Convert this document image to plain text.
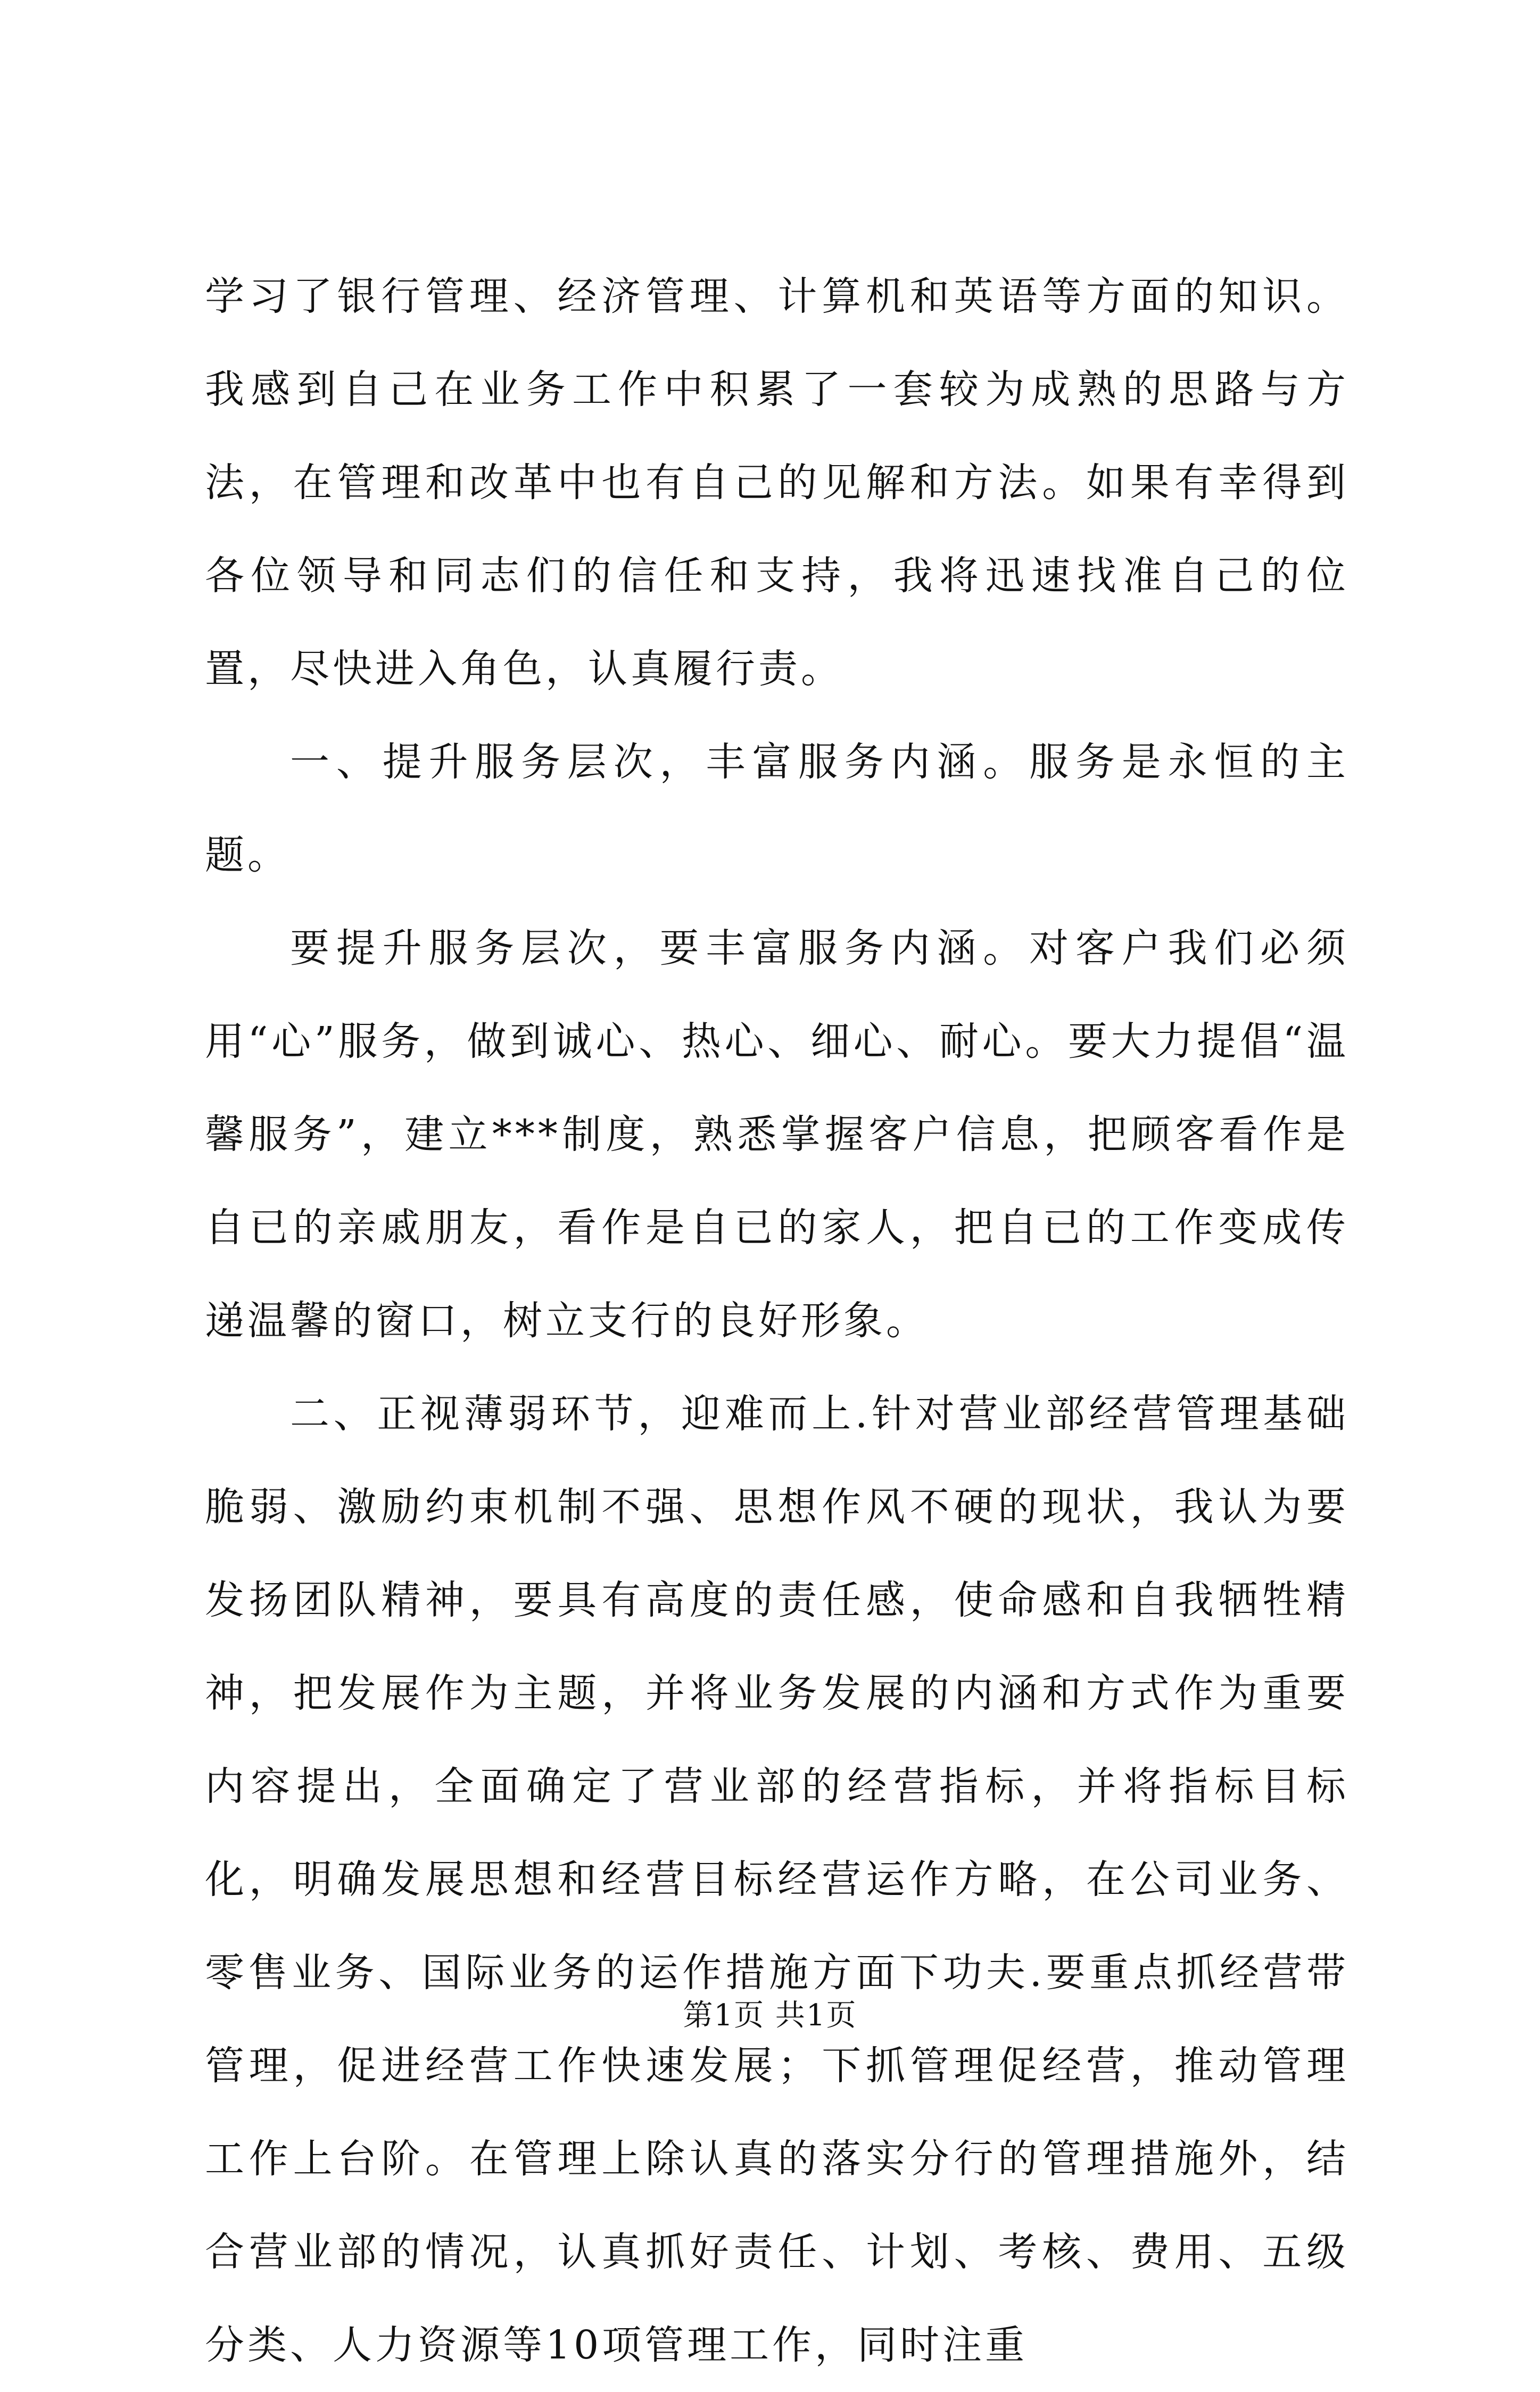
学习了银行管理、经济管理、计算机和英语等方面的知识。我感到自己在业务工作中积累了一套较为成熟的思路与方法，在管理和改革中也有自己的见解和方法。如果有幸得到各位领导和同志们的信任和支持，我将迅速找准自己的位置，尽快进入角色，认真履行责。

一、提升服务层次，丰富服务内涵。服务是永恒的主题。

要提升服务层次，要丰富服务内涵。对客户我们必须用“心”服务，做到诚心、热心、细心、耐心。要大力提倡“温馨服务”，建立***制度，熟悉掌握客户信息，把顾客看作是自已的亲戚朋友，看作是自已的家人，把自已的工作变成传递温馨的窗口，树立支行的良好形象。

二、正视薄弱环节，迎难而上.针对营业部经营管理基础脆弱、激励约束机制不强、思想作风不硬的现状，我认为要发扬团队精神，要具有高度的责任感，使命感和自我牺牲精神，把发展作为主题，并将业务发展的内涵和方式作为重要内容提出，全面确定了营业部的经营指标，并将指标目标化，明确发展思想和经营目标经营运作方略，在公司业务、零售业务、国际业务的运作措施方面下功夫.要重点抓经营带管理，促进经营工作快速发展；下抓管理促经营，推动管理工作上台阶。在管理上除认真的落实分行的管理措施外，结合营业部的情况，认真抓好责任、计划、考核、费用、五级分类、人力资源等10项管理工作，同时注重

第1页 共1页
